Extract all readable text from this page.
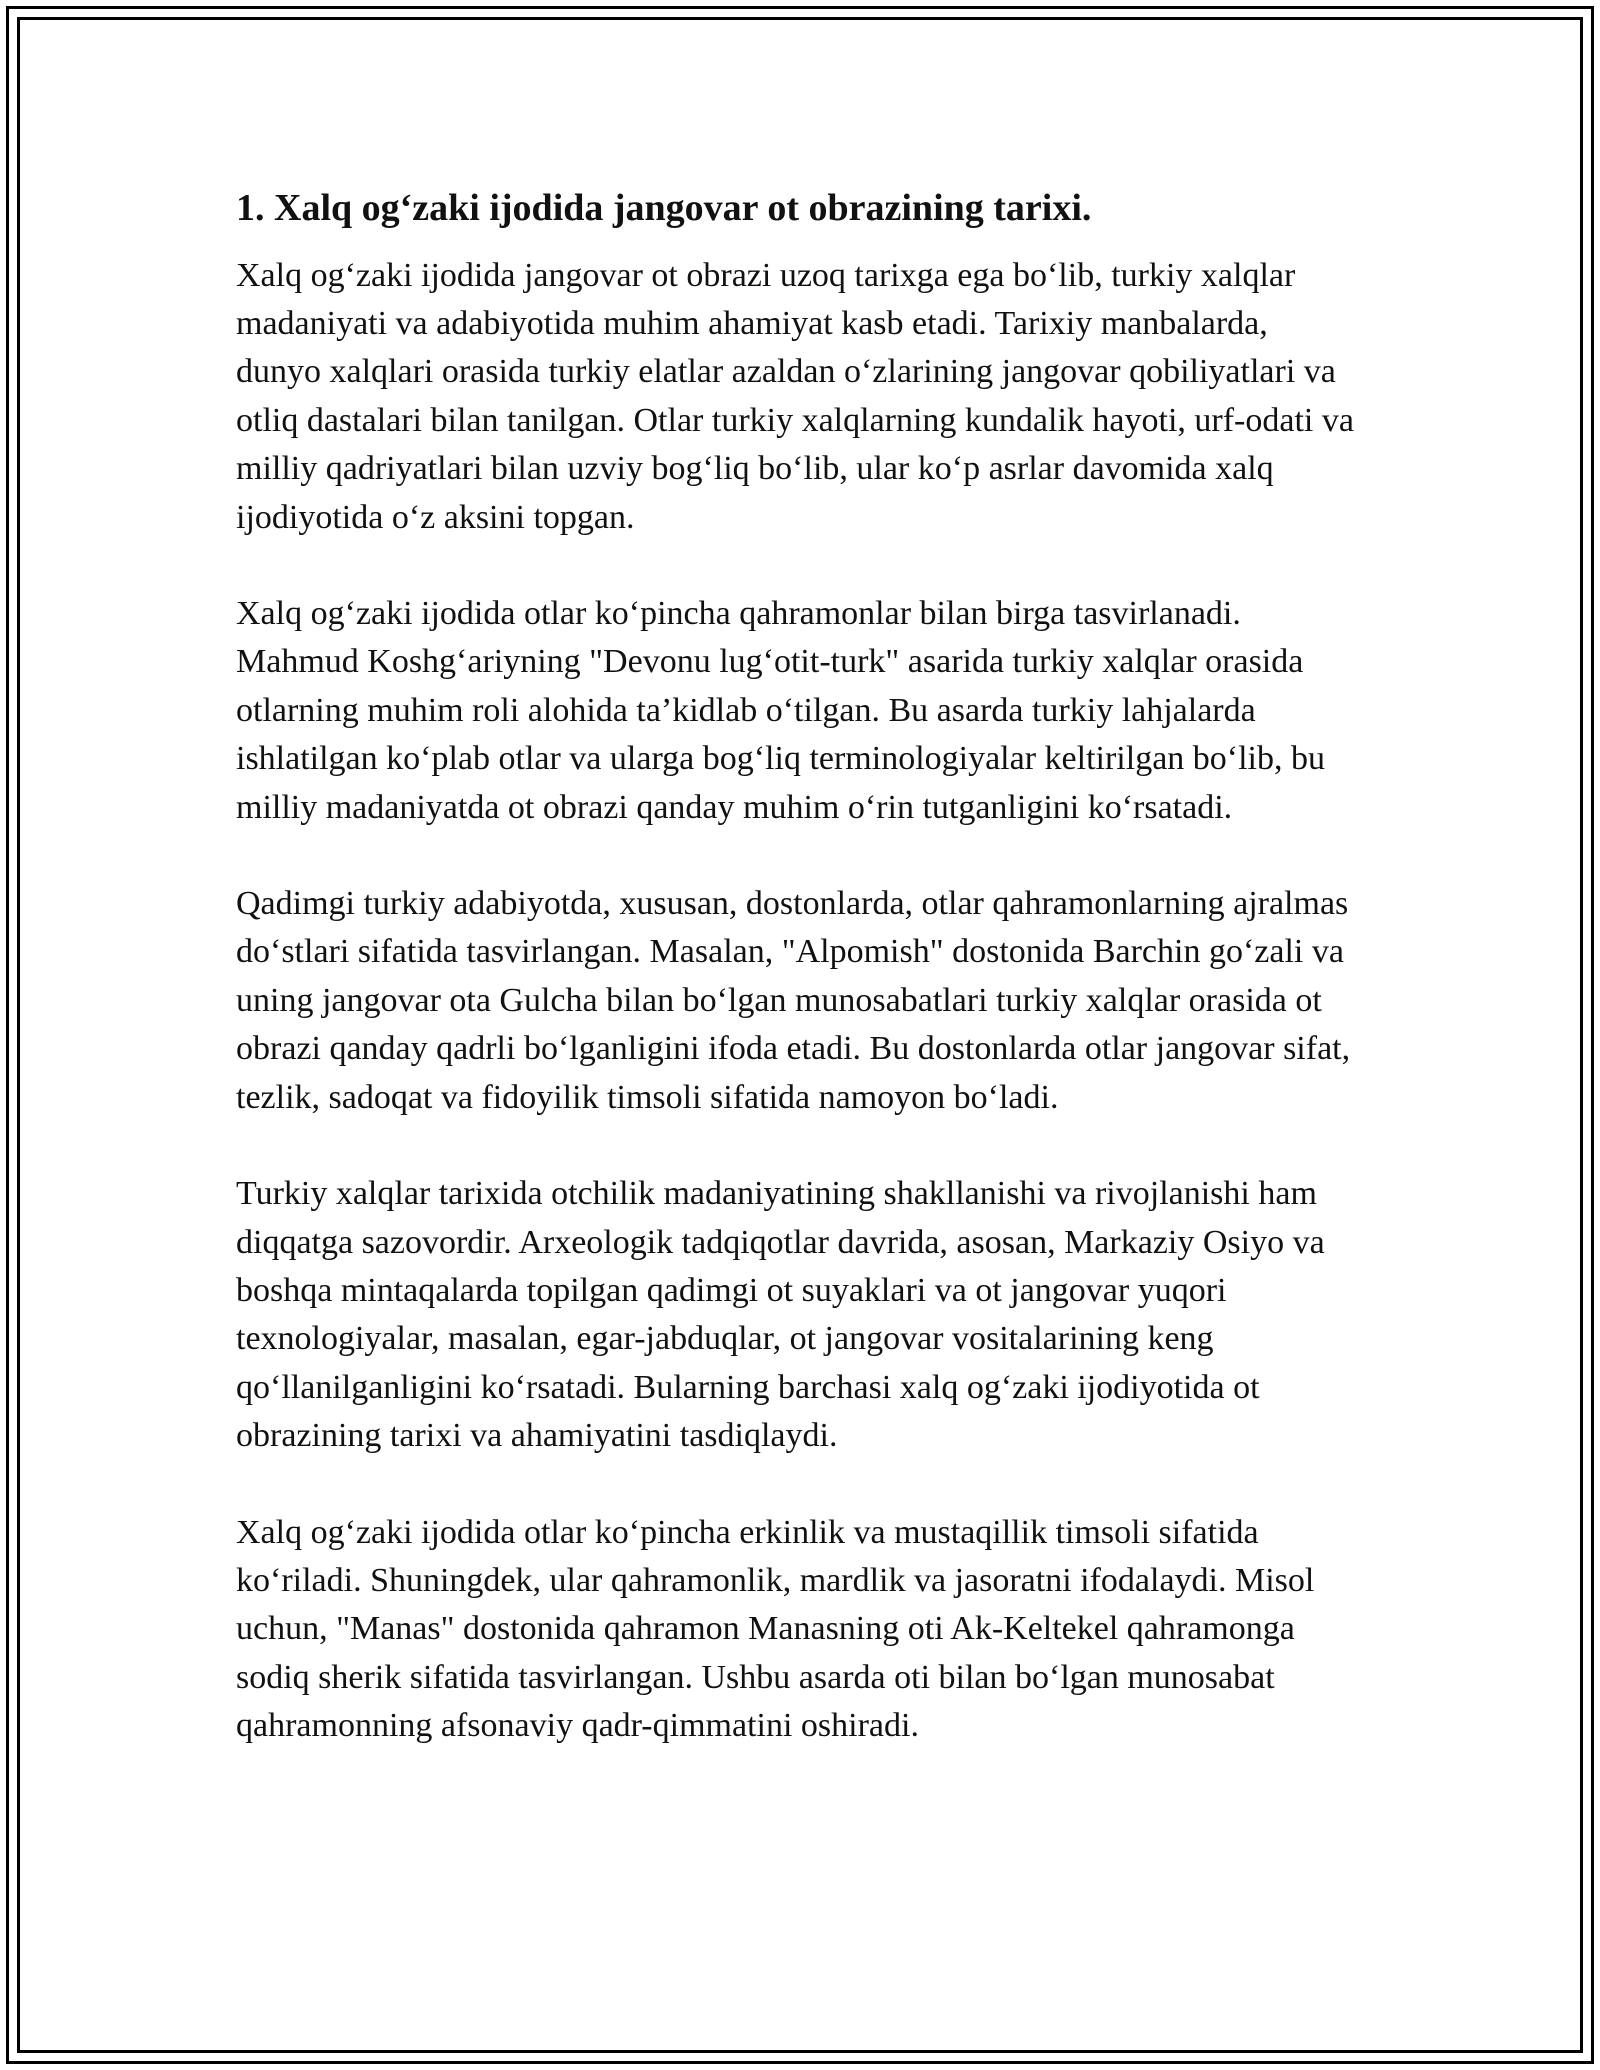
1. Xalq og‘zaki ijodida jangovar ot obrazining tarixi.

Xalq og‘zaki ijodida jangovar ot obrazi uzoq tarixga ega bo‘lib, turkiy xalqlar madaniyati va adabiyotida muhim ahamiyat kasb etadi. Tarixiy manbalarda, dunyo xalqlari orasida turkiy elatlar azaldan o‘zlarining jangovar qobiliyatlari va otliq dastalari bilan tanilgan. Otlar turkiy xalqlarning kundalik hayoti, urf-odati va milliy qadriyatlari bilan uzviy bog‘liq bo‘lib, ular ko‘p asrlar davomida xalq ijodiyotida o‘z aksini topgan.

Xalq og‘zaki ijodida otlar ko‘pincha qahramonlar bilan birga tasvirlanadi. Mahmud Koshg‘ariyning "Devonu lug‘otit-turk" asarida turkiy xalqlar orasida otlarning muhim roli alohida ta’kidlab o‘tilgan. Bu asarda turkiy lahjalarda ishlatilgan ko‘plab otlar va ularga bog‘liq terminologiyalar keltirilgan bo‘lib, bu milliy madaniyatda ot obrazi qanday muhim o‘rin tutganligini ko‘rsatadi.

Qadimgi turkiy adabiyotda, xususan, dostonlarda, otlar qahramonlarning ajralmas do‘stlari sifatida tasvirlangan. Masalan, "Alpomish" dostonida Barchin go‘zali va uning jangovar ota Gulcha bilan bo‘lgan munosabatlari turkiy xalqlar orasida ot obrazi qanday qadrli bo‘lganligini ifoda etadi. Bu dostonlarda otlar jangovar sifat, tezlik, sadoqat va fidoyilik timsoli sifatida namoyon bo‘ladi.

Turkiy xalqlar tarixida otchilik madaniyatining shakllanishi va rivojlanishi ham diqqatga sazovordir. Arxeologik tadqiqotlar davrida, asosan, Markaziy Osiyo va boshqa mintaqalarda topilgan qadimgi ot suyaklari va ot jangovar yuqori texnologiyalar, masalan, egar-jabduqlar, ot jangovar vositalarining keng qo‘llanilganligini ko‘rsatadi. Bularning barchasi xalq og‘zaki ijodiyotida ot obrazining tarixi va ahamiyatini tasdiqlaydi.

Xalq og‘zaki ijodida otlar ko‘pincha erkinlik va mustaqillik timsoli sifatida ko‘riladi. Shuningdek, ular qahramonlik, mardlik va jasoratni ifodalaydi. Misol uchun, "Manas" dostonida qahramon Manasning oti Ak-Keltekel qahramonga sodiq sherik sifatida tasvirlangan. Ushbu asarda oti bilan bo‘lgan munosabat qahramonning afsonaviy qadr-qimmatini oshiradi.
